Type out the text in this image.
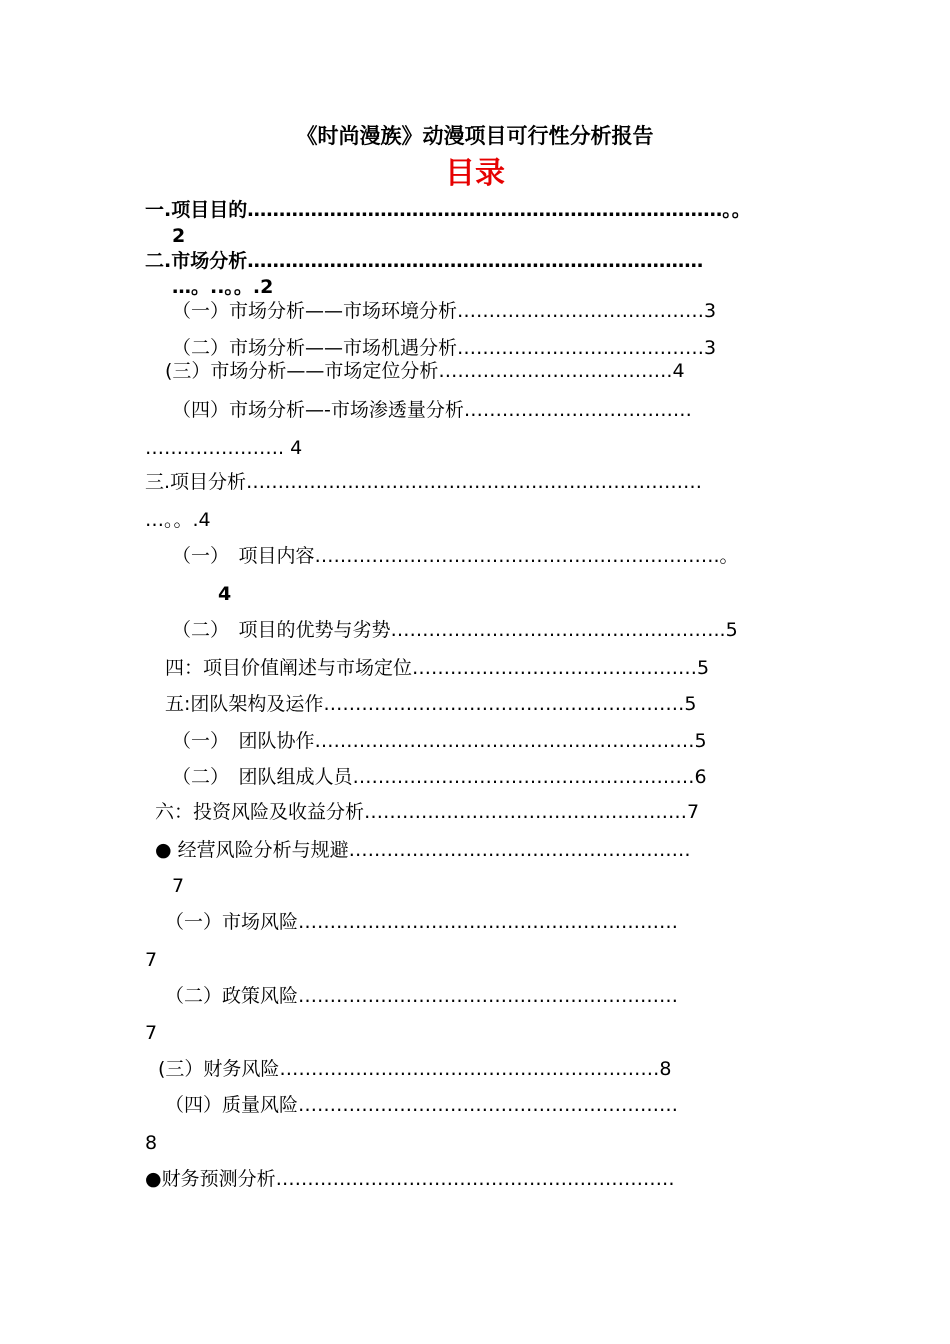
《时尚漫族》动漫项目可行性分析报告
目录
一.项目目的…………………………………………………………………。。
2
二.市场分析………………………………………………………………
…。..。。.2
（一）市场分析——市场环境分析…………………………………3
（二）市场分析——市场机遇分析…………………………………3
(三）市场分析——市场定位分析……………………………….4
（四）市场分析—-市场渗透量分析………………………………
…………………. 4
三.项目分析………………………………………………………………
…。。.4
（一）　项目内容……………………………………………………….。
4
（二）　项目的优势与劣势……………………………………………..5
四：项目价值阐述与市场定位………………………………………5
五:团队架构及运作…………………………………………………5
（一）　团队协作……………………………………………………5
（二）　团队组成人员………………………………………………6
六：投资风险及收益分析……………………………………………7
● 经营风险分析与规避………………………………………………
7
（一）市场风险……………………………………………………
7
（二）政策风险……………………………………………………
7
(三）财务风险……………………………………………………8
（四）质量风险……………………………………………………
8
●财务预测分析………………………………………………………
